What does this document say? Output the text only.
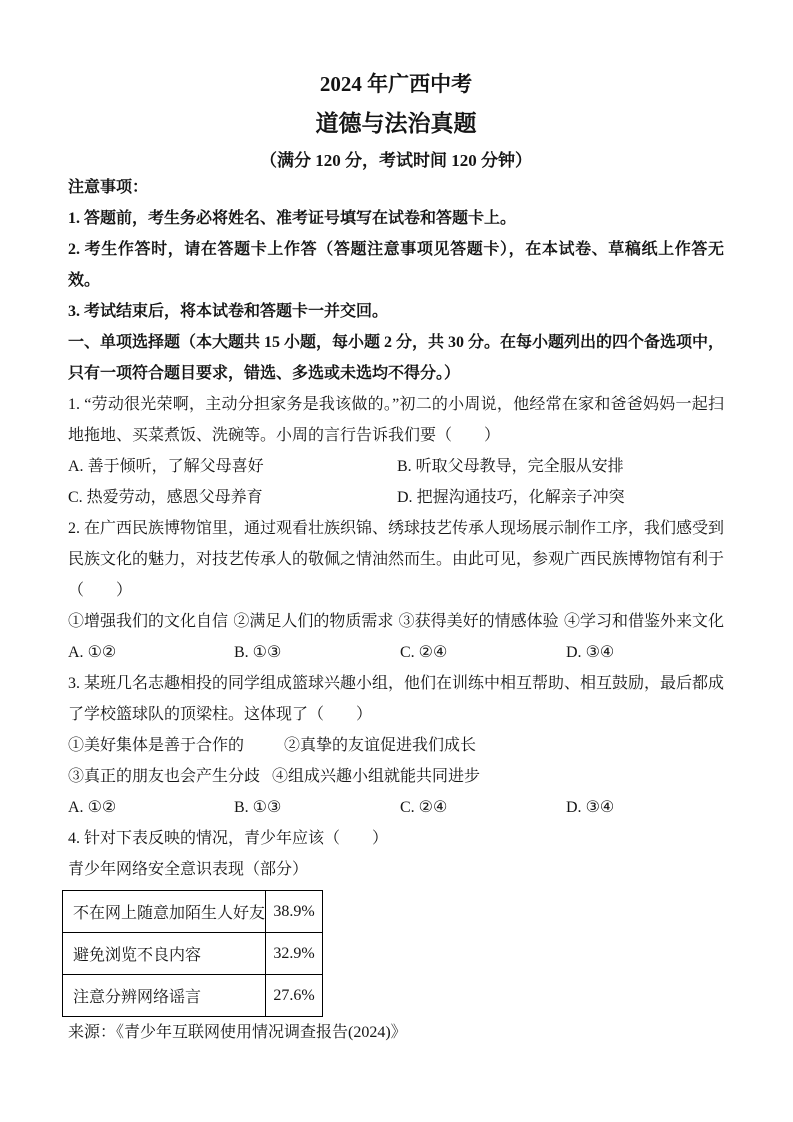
2024 年广西中考
道德与法治真题
（满分 120 分，考试时间 120 分钟）

注意事项：

1. 答题前，考生务必将姓名、准考证号填写在试卷和答题卡上。

2. 考生作答时，请在答题卡上作答（答题注意事项见答题卡），在本试卷、草稿纸上作答无效。

3. 考试结束后，将本试卷和答题卡一并交回。

一、单项选择题（本大题共 15 小题，每小题 2 分，共 30 分。在每小题列出的四个备选项中，只有一项符合题目要求，错选、多选或未选均不得分。）

1. “劳动很光荣啊，主动分担家务是我该做的。”初二的小周说，他经常在家和爸爸妈妈一起扫地拖地、买菜煮饭、洗碗等。小周的言行告诉我们要（　　）

A. 善于倾听，了解父母喜好	B. 听取父母教导，完全服从安排
C. 热爱劳动，感恩父母养育	D. 把握沟通技巧，化解亲子冲突

2. 在广西民族博物馆里，通过观看壮族织锦、绣球技艺传承人现场展示制作工序，我们感受到民族文化的魅力，对技艺传承人的敬佩之情油然而生。由此可见，参观广西民族博物馆有利于（　　）

①增强我们的文化自信 ②满足人们的物质需求 ③获得美好的情感体验 ④学习和借鉴外来文化
A. ①②	B. ①③	C. ②④	D. ③④

3. 某班几名志趣相投的同学组成篮球兴趣小组，他们在训练中相互帮助、相互鼓励，最后都成了学校篮球队的顶梁柱。这体现了（　　）

①美好集体是善于合作的	②真挚的友谊促进我们成长
③真正的朋友也会产生分歧 ④组成兴趣小组就能共同进步
A. ①②	B. ①③	C. ②④	D. ③④

4. 针对下表反映的情况，青少年应该（　　）

青少年网络安全意识表现（部分）

不在网上随意加陌生人好友	38.9%
避免浏览不良内容	32.9%
注意分辨网络谣言	27.6%

来源：《青少年互联网使用情况调查报告(2024)》
